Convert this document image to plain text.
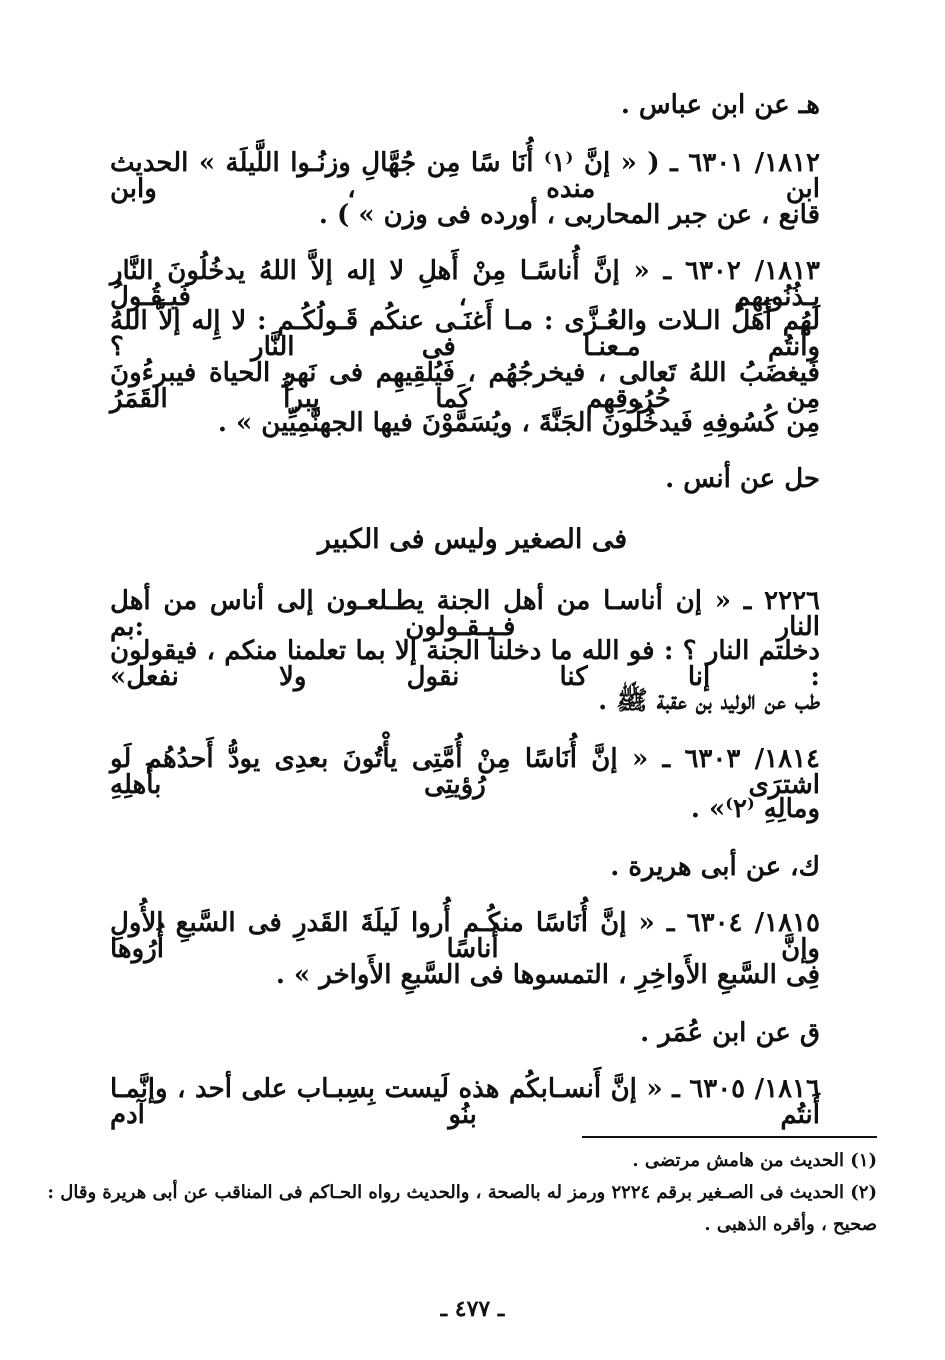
هـ عن ابن عباس .
١٨١٢/ ٦٣٠١ ـ ( « إنَّ ⁽١⁾ أُنَا سًا مِن جُهَّالِ وزنُـوا اللَّيلَة » الحديث ابن منده ، وابن
قانع ، عن جبر المحاربى ، أورده فى وزن » ) .
١٨١٣/ ٦٣٠٢ ـ « إنَّ أُناسًـا مِنْ أَهلِ لا إله إلاَّ اللهُ يدخُلُونَ النَّار بـذُنُوبِهِم ، فَيـقُـولُ
لَهُم أَهلُ الـلات والعُـزَّى : مـا أَغنَـى عنكُم قَـولُكُـم : لا إِله إلاَّ اللهُ وأَنتُم مـعنـا فى النَّار ؟
فَيغضَبُ اللهُ تَعالى ، فيخرجُهُم ، فَيُلقِيهِم فى نَهرِ الحياة فيبرءُونَ مِن حُرُوقِهِم كَما يبرأُ القَمَرُ
مِن كُسُوفِهِ فَيدخُلُون الجَنَّةَ ، ويُسَمَّوْنَ فيها الجهنَّمِيِّين » .
حل عن أنس .
فى الصغير وليس فى الكبير
٢٢٢٦ ـ « إن أناسـا من أهل الجنة يطـلعـون إلى أناس من أهل النار فـيـقـولون :بم
دخلتم النار ؟ : فو الله ما دخلنا الجنة إلا بما تعلمنا منكم ، فيقولون : إنا كنا نقول ولا نفعل»
طب عن الوليد بن عقبة ﷺ .
١٨١٤/ ٦٣٠٣ ـ « إنَّ أُنَاسًا مِنْ أُمَّتِى يأْتُونَ بعدِى يودُّ أَحدُهُم لَو اشترَى رُؤيتِى بأَهلِهِ
ومالِهِ ⁽٢⁾» .
ك، عن أبى هريرة .
١٨١٥/ ٦٣٠٤ ـ « إنَّ أُنَاسًا منكُـم أُروا لَيلَةَ القَدرِ فى السَّبعِ الأُولِ وإنَّ أُناسًا أُرُوها
فِى السَّبعِ الأَواخِرِ ، التمسوها فى السَّبعِ الأَواخر » .
ق عن ابن عُمَر .
١٨١٦/ ٦٣٠٥ ـ « إنَّ أَنسـابكُم هذه لَيست بِسِبـاب على أحد ، وإنَّمـا أَنتُم بنُو آدم
(١) الحديث من هامش مرتضى .
(٢) الحديث فى الصـغير برقم ٢٢٢٤ ورمز له بالصحة ، والحديث رواه الحـاكم فى المناقب عن أبى هريرة وقال :
صحيح ، وأقره الذهبى .
ـ ٤٧٧ ـ
